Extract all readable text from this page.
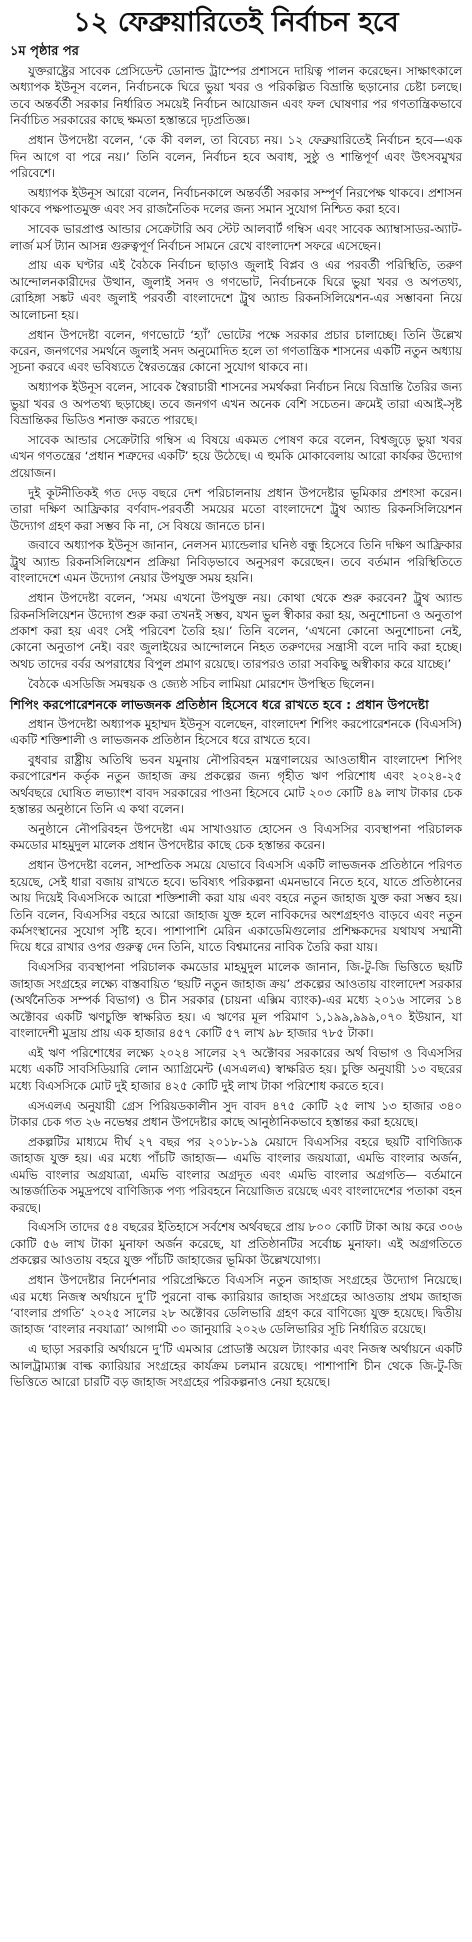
১২ ফেব্রুয়ারিতেই নির্বাচন হবে
১ম পৃষ্ঠার পর

যুক্তরাষ্ট্রের সাবেক প্রেসিডেন্ট ডোনাল্ড ট্রাম্পের প্রশাসনে দায়িত্ব পালন করেছেন। সাক্ষাৎকালে অধ্যাপক ইউনূস বলেন, নির্বাচনকে ঘিরে ভুয়া খবর ও পরিকল্পিত বিভ্রান্তি ছড়ানোর চেষ্টা চলছে। তবে অন্তর্বর্তী সরকার নির্ধারিত সময়েই নির্বাচন আয়োজন এবং ফল ঘোষণার পর গণতান্ত্রিকভাবে নির্বাচিত সরকারের কাছে ক্ষমতা হস্তান্তরে দৃঢ়প্রতিজ্ঞ।

প্রধান উপদেষ্টা বলেন, ‘কে কী বলল, তা বিবেচ্য নয়। ১২ ফেব্রুয়ারিতেই নির্বাচন হবে—এক দিন আগে বা পরে নয়।’ তিনি বলেন, নির্বাচন হবে অবাধ, সুষ্ঠু ও শান্তিপূর্ণ এবং উৎসবমুখর পরিবেশে।

অধ্যাপক ইউনূস আরো বলেন, নির্বাচনকালে অন্তর্বর্তী সরকার সম্পূর্ণ নিরপেক্ষ থাকবে। প্রশাসন থাকবে পক্ষপাতমুক্ত এবং সব রাজনৈতিক দলের জন্য সমান সুযোগ নিশ্চিত করা হবে।

সাবেক ভারপ্রাপ্ত আন্ডার সেক্রেটারি অব স্টেট আলবার্ট গম্বিস এবং সাবেক অ্যাম্বাসাডর-অ্যাট-লার্জ মর্স ট্যান আসন্ন গুরুত্বপূর্ণ নির্বাচন সামনে রেখে বাংলাদেশ সফরে এসেছেন।

প্রায় এক ঘণ্টার এই বৈঠকে নির্বাচন ছাড়াও জুলাই বিপ্লব ও এর পরবর্তী পরিস্থিতি, তরুণ আন্দোলনকারীদের উত্থান, জুলাই সনদ ও গণভোট, নির্বাচনকে ঘিরে ভুয়া খবর ও অপতথ্য, রোহিঙ্গা সঙ্কট এবং জুলাই পরবর্তী বাংলাদেশে ট্রুথ অ্যান্ড রিকনসিলিয়েশন-এর সম্ভাবনা নিয়ে আলোচনা হয়।

প্রধান উপদেষ্টা বলেন, গণভোটে ‘হ্যাঁ’ ভোটের পক্ষে সরকার প্রচার চালাচ্ছে। তিনি উল্লেখ করেন, জনগণের সমর্থনে জুলাই সনদ অনুমোদিত হলে তা গণতান্ত্রিক শাসনের একটি নতুন অধ্যায় সূচনা করবে এবং ভবিষ্যতে স্বৈরতন্ত্রের কোনো সুযোগ থাকবে না।

অধ্যাপক ইউনূস বলেন, সাবেক স্বৈরাচারী শাসনের সমর্থকরা নির্বাচন নিয়ে বিভ্রান্তি তৈরির জন্য ভুয়া খবর ও অপতথ্য ছড়াচ্ছে। তবে জনগণ এখন অনেক বেশি সচেতন। ক্রমেই তারা এআই-সৃষ্ট বিভ্রান্তিকর ভিডিও শনাক্ত করতে পারছে।

সাবেক আন্ডার সেক্রেটারি গম্বিস এ বিষয়ে একমত পোষণ করে বলেন, বিশ্বজুড়ে ভুয়া খবর এখন গণতন্ত্রের ‘প্রধান শত্রুদের একটি’ হয়ে উঠেছে। এ হুমকি মোকাবেলায় আরো কার্যকর উদ্যোগ প্রয়োজন।

দুই কূটনীতিকই গত দেড় বছরে দেশ পরিচালনায় প্রধান উপদেষ্টার ভূমিকার প্রশংসা করেন। তারা দক্ষিণ আফ্রিকার বর্ণবাদ-পরবর্তী সময়ের মতো বাংলাদেশে ট্রুথ অ্যান্ড রিকনসিলিয়েশন উদ্যোগ গ্রহণ করা সম্ভব কি না, সে বিষয়ে জানতে চান।

জবাবে অধ্যাপক ইউনূস জানান, নেলসন ম্যান্ডেলার ঘনিষ্ঠ বন্ধু হিসেবে তিনি দক্ষিণ আফ্রিকার ট্রুথ অ্যান্ড রিকনসিলিয়েশন প্রক্রিয়া নিবিড়ভাবে অনুসরণ করেছেন। তবে বর্তমান পরিস্থিতিতে বাংলাদেশে এমন উদ্যোগ নেয়ার উপযুক্ত সময় হয়নি।

প্রধান উপদেষ্টা বলেন, ‘সময় এখনো উপযুক্ত নয়। কোথা থেকে শুরু করবেন? ট্রুথ অ্যান্ড রিকনসিলিয়েশন উদ্যোগ শুরু করা তখনই সম্ভব, যখন ভুল স্বীকার করা হয়, অনুশোচনা ও অনুতাপ প্রকাশ করা হয় এবং সেই পরিবেশ তৈরি হয়।’ তিনি বলেন, ‘এখনো কোনো অনুশোচনা নেই, কোনো অনুতাপ নেই। বরং জুলাইয়ের আন্দোলনে নিহত তরুণদের সন্ত্রাসী বলে দাবি করা হচ্ছে। অথচ তাদের বর্বর অপরাধের বিপুল প্রমাণ রয়েছে। তারপরও তারা সবকিছু অস্বীকার করে যাচ্ছে।’

বৈঠকে এসডিজি সমন্বয়ক ও জ্যেষ্ঠ সচিব লামিয়া মোরশেদ উপস্থিত ছিলেন।

শিপিং করপোরেশনকে লাভজনক প্রতিষ্ঠান হিসেবে ধরে রাখতে হবে : প্রধান উপদেষ্টা

প্রধান উপদেষ্টা অধ্যাপক মুহাম্মদ ইউনূস বলেছেন, বাংলাদেশ শিপিং করপোরেশনকে (বিএসসি) একটি শক্তিশালী ও লাভজনক প্রতিষ্ঠান হিসেবে ধরে রাখতে হবে।

বুধবার রাষ্ট্রীয় অতিথি ভবন যমুনায় নৌপরিবহন মন্ত্রণালয়ের আওতাধীন বাংলাদেশ শিপিং করপোরেশন কর্তৃক নতুন জাহাজ ক্রয় প্রকল্পের জন্য গৃহীত ঋণ পরিশোধ এবং ২০২৪-২৫ অর্থবছরে ঘোষিত লভ্যাংশ বাবদ সরকারের পাওনা হিসেবে মোট ২০৩ কোটি ৪৯ লাখ টাকার চেক হস্তান্তর অনুষ্ঠানে তিনি এ কথা বলেন।

অনুষ্ঠানে নৌপরিবহন উপদেষ্টা এম সাখাওয়াত হোসেন ও বিএসসির ব্যবস্থাপনা পরিচালক কমডোর মাহমুদুল মালেক প্রধান উপদেষ্টার কাছে চেক হস্তান্তর করেন।

প্রধান উপদেষ্টা বলেন, সাম্প্রতিক সময়ে যেভাবে বিএসসি একটি লাভজনক প্রতিষ্ঠানে পরিণত হয়েছে, সেই ধারা বজায় রাখতে হবে। ভবিষ্যৎ পরিকল্পনা এমনভাবে নিতে হবে, যাতে প্রতিষ্ঠানের আয় দিয়েই বিএসসিকে আরো শক্তিশালী করা যায় এবং বহরে নতুন জাহাজ যুক্ত করা সম্ভব হয়। তিনি বলেন, বিএসসির বহরে আরো জাহাজ যুক্ত হলে নাবিকদের অংশগ্রহণও বাড়বে এবং নতুন কর্মসংস্থানের সুযোগ সৃষ্টি হবে। পাশাপাশি মেরিন একাডেমিগুলোর প্রশিক্ষকদের যথাযথ সম্মানী দিয়ে ধরে রাখার ওপর গুরুত্ব দেন তিনি, যাতে বিশ্বমানের নাবিক তৈরি করা যায়।

বিএসসির ব্যবস্থাপনা পরিচালক কমডোর মাহমুদুল মালেক জানান, জি-টু-জি ভিত্তিতে ছয়টি জাহাজ সংগ্রহের লক্ষ্যে বাস্তবায়িত ‘ছয়টি নতুন জাহাজ ক্রয়’ প্রকল্পের আওতায় বাংলাদেশ সরকার (অর্থনৈতিক সম্পর্ক বিভাগ) ও চীন সরকার (চায়না এক্সিম ব্যাংক)-এর মধ্যে ২০১৬ সালের ১৪ অক্টোবর একটি ঋণচুক্তি স্বাক্ষরিত হয়। এ ঋণের মূল পরিমাণ ১,১৯৯,৯৯৯,০৭০ ইউয়ান, যা বাংলাদেশী মুদ্রায় প্রায় এক হাজার ৪৫৭ কোটি ৫৭ লাখ ৯৮ হাজার ৭৮৫ টাকা।

এই ঋণ পরিশোধের লক্ষ্যে ২০২৪ সালের ২৭ অক্টোবর সরকারের অর্থ বিভাগ ও বিএসসির মধ্যে একটি সাবসিডিয়ারি লোন অ্যাগ্রিমেন্ট (এসএলএ) স্বাক্ষরিত হয়। চুক্তি অনুযায়ী ১৩ বছরের মধ্যে বিএসসিকে মোট দুই হাজার ৪২৫ কোটি দুই লাখ টাকা পরিশোধ করতে হবে।

এসএলএ অনুযায়ী গ্রেস পিরিয়ডকালীন সুদ বাবদ ৪৭৫ কোটি ২৫ লাখ ১৩ হাজার ৩৪০ টাকার চেক গত ২৬ নভেম্বর প্রধান উপদেষ্টার কাছে আনুষ্ঠানিকভাবে হস্তান্তর করা হয়েছে।

প্রকল্পটির মাধ্যমে দীর্ঘ ২৭ বছর পর ২০১৮-১৯ মেয়াদে বিএসসির বহরে ছয়টি বাণিজ্যিক জাহাজ যুক্ত হয়। এর মধ্যে পাঁচটি জাহাজ— এমভি বাংলার জয়যাত্রা, এমভি বাংলার অর্জন, এমভি বাংলার অগ্রযাত্রা, এমভি বাংলার অগ্রদূত এবং এমভি বাংলার অগ্রগতি— বর্তমানে আন্তর্জাতিক সমুদ্রপথে বাণিজ্যিক পণ্য পরিবহনে নিয়োজিত রয়েছে এবং বাংলাদেশের পতাকা বহন করছে।

বিএসসি তাদের ৫৪ বছরের ইতিহাসে সর্বশেষ অর্থবছরে প্রায় ৮০০ কোটি টাকা আয় করে ৩০৬ কোটি ৫৬ লাখ টাকা মুনাফা অর্জন করেছে, যা প্রতিষ্ঠানটির সর্বোচ্চ মুনাফা। এই অগ্রগতিতে প্রকল্পের আওতায় বহরে যুক্ত পাঁচটি জাহাজের ভূমিকা উল্লেখযোগ্য।

প্রধান উপদেষ্টার নির্দেশনার পরিপ্রেক্ষিতে বিএসসি নতুন জাহাজ সংগ্রহের উদ্যোগ নিয়েছে। এর মধ্যে নিজস্ব অর্থায়নে দু’টি পুরনো বাল্ক ক্যারিয়ার জাহাজ সংগ্রহের আওতায় প্রথম জাহাজ ‘বাংলার প্রগতি’ ২০২৫ সালের ২৮ অক্টোবর ডেলিভারি গ্রহণ করে বাণিজ্যে যুক্ত হয়েছে। দ্বিতীয় জাহাজ ‘বাংলার নবযাত্রা’ আগামী ৩০ জানুয়ারি ২০২৬ ডেলিভারির সূচি নির্ধারিত রয়েছে।

এ ছাড়া সরকারি অর্থায়নে দু’টি এমআর প্রোডাক্ট অয়েল ট্যাংকার এবং নিজস্ব অর্থায়নে একটি আলট্রাম্যাক্স বাল্ক ক্যারিয়ার সংগ্রহের কার্যক্রম চলমান রয়েছে। পাশাপাশি চীন থেকে জি-টু-জি ভিত্তিতে আরো চারটি বড় জাহাজ সংগ্রহের পরিকল্পনাও নেয়া হয়েছে।
